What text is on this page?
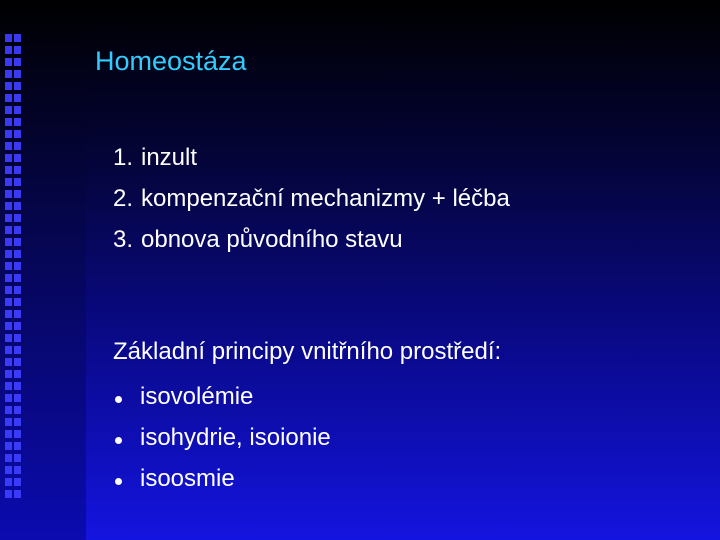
Homeostáza
1. inzult
2. kompenzační mechanizmy + léčba
3. obnova původního stavu

Základní principy vnitřního prostředí:

isovolémie
isohydrie, isoionie
isoosmie
